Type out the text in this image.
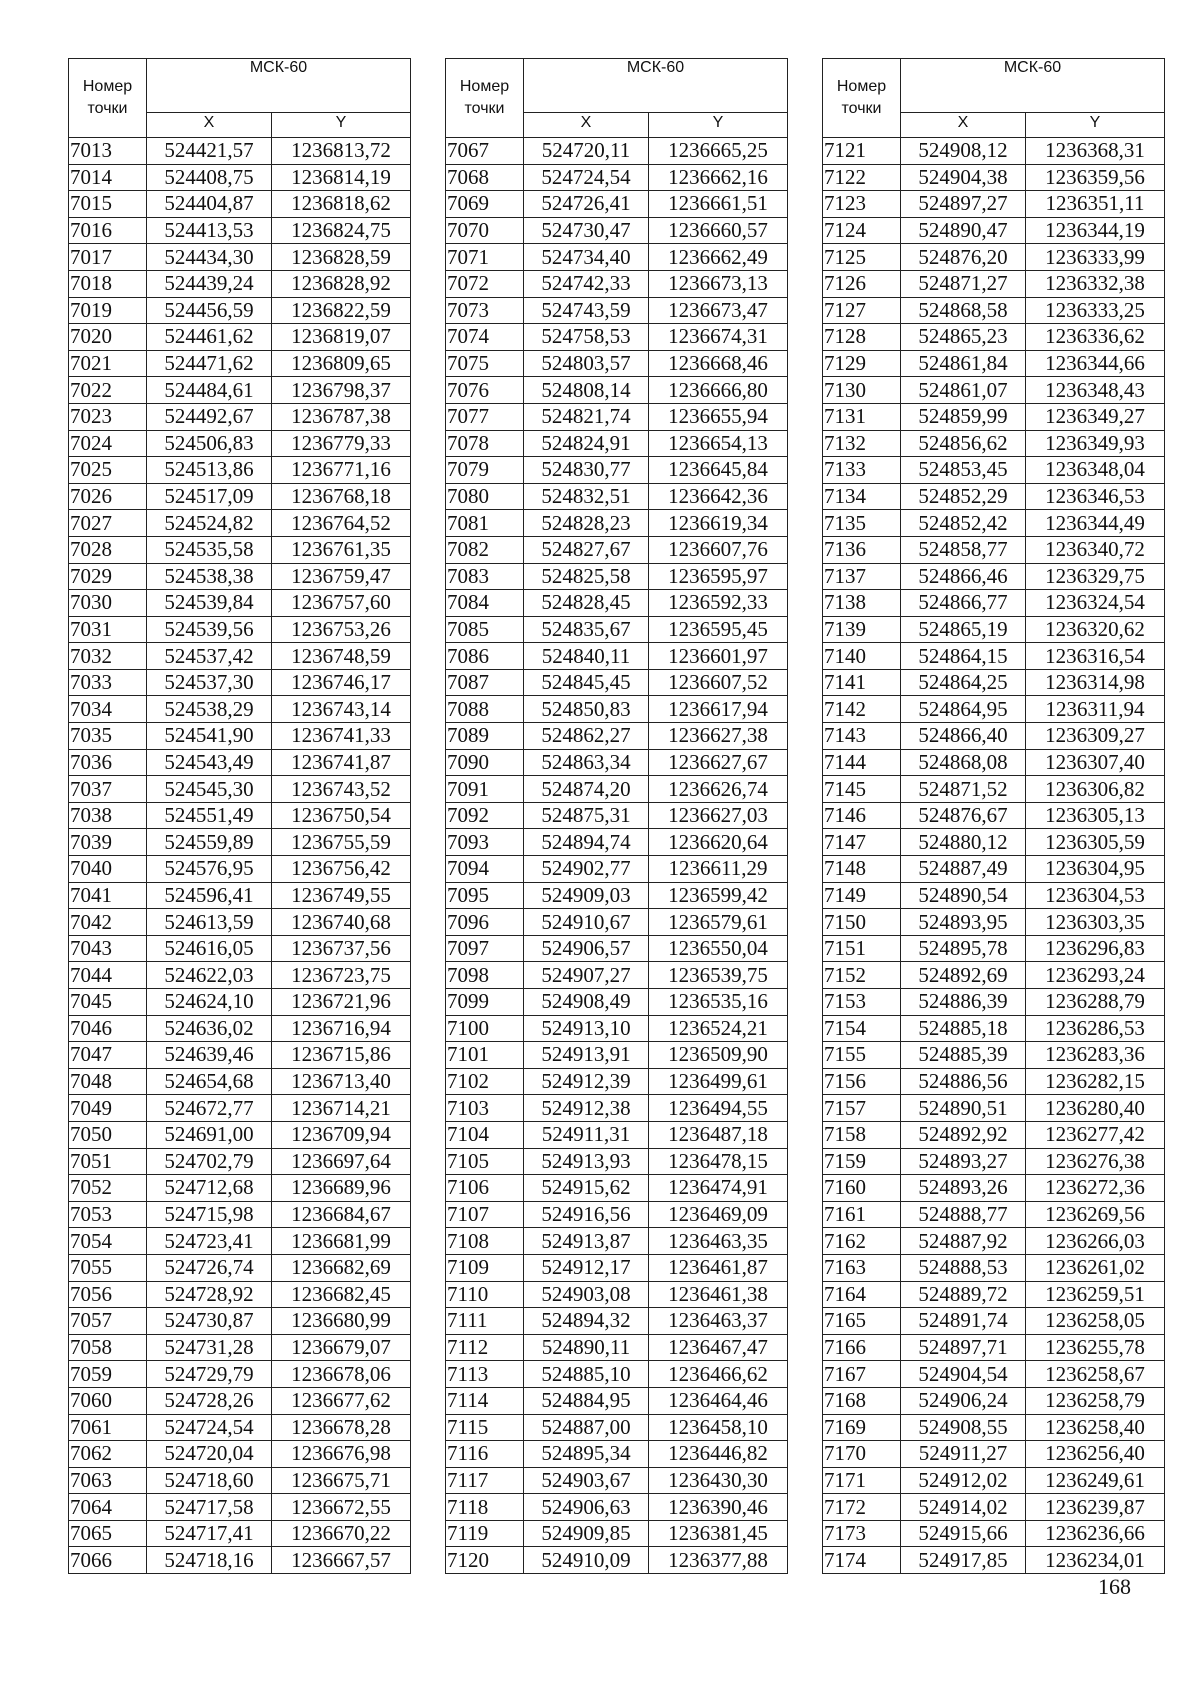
Номер точки	МСК-60	
	X	Y
7013	524421,57	1236813,72
7014	524408,75	1236814,19
7015	524404,87	1236818,62
7016	524413,53	1236824,75
7017	524434,30	1236828,59
7018	524439,24	1236828,92
7019	524456,59	1236822,59
7020	524461,62	1236819,07
7021	524471,62	1236809,65
7022	524484,61	1236798,37
7023	524492,67	1236787,38
7024	524506,83	1236779,33
7025	524513,86	1236771,16
7026	524517,09	1236768,18
7027	524524,82	1236764,52
7028	524535,58	1236761,35
7029	524538,38	1236759,47
7030	524539,84	1236757,60
7031	524539,56	1236753,26
7032	524537,42	1236748,59
7033	524537,30	1236746,17
7034	524538,29	1236743,14
7035	524541,90	1236741,33
7036	524543,49	1236741,87
7037	524545,30	1236743,52
7038	524551,49	1236750,54
7039	524559,89	1236755,59
7040	524576,95	1236756,42
7041	524596,41	1236749,55
7042	524613,59	1236740,68
7043	524616,05	1236737,56
7044	524622,03	1236723,75
7045	524624,10	1236721,96
7046	524636,02	1236716,94
7047	524639,46	1236715,86
7048	524654,68	1236713,40
7049	524672,77	1236714,21
7050	524691,00	1236709,94
7051	524702,79	1236697,64
7052	524712,68	1236689,96
7053	524715,98	1236684,67
7054	524723,41	1236681,99
7055	524726,74	1236682,69
7056	524728,92	1236682,45
7057	524730,87	1236680,99
7058	524731,28	1236679,07
7059	524729,79	1236678,06
7060	524728,26	1236677,62
7061	524724,54	1236678,28
7062	524720,04	1236676,98
7063	524718,60	1236675,71
7064	524717,58	1236672,55
7065	524717,41	1236670,22
7066	524718,16	1236667,57
Номер точки	МСК-60	
	X	Y
7067	524720,11	1236665,25
7068	524724,54	1236662,16
7069	524726,41	1236661,51
7070	524730,47	1236660,57
7071	524734,40	1236662,49
7072	524742,33	1236673,13
7073	524743,59	1236673,47
7074	524758,53	1236674,31
7075	524803,57	1236668,46
7076	524808,14	1236666,80
7077	524821,74	1236655,94
7078	524824,91	1236654,13
7079	524830,77	1236645,84
7080	524832,51	1236642,36
7081	524828,23	1236619,34
7082	524827,67	1236607,76
7083	524825,58	1236595,97
7084	524828,45	1236592,33
7085	524835,67	1236595,45
7086	524840,11	1236601,97
7087	524845,45	1236607,52
7088	524850,83	1236617,94
7089	524862,27	1236627,38
7090	524863,34	1236627,67
7091	524874,20	1236626,74
7092	524875,31	1236627,03
7093	524894,74	1236620,64
7094	524902,77	1236611,29
7095	524909,03	1236599,42
7096	524910,67	1236579,61
7097	524906,57	1236550,04
7098	524907,27	1236539,75
7099	524908,49	1236535,16
7100	524913,10	1236524,21
7101	524913,91	1236509,90
7102	524912,39	1236499,61
7103	524912,38	1236494,55
7104	524911,31	1236487,18
7105	524913,93	1236478,15
7106	524915,62	1236474,91
7107	524916,56	1236469,09
7108	524913,87	1236463,35
7109	524912,17	1236461,87
7110	524903,08	1236461,38
7111	524894,32	1236463,37
7112	524890,11	1236467,47
7113	524885,10	1236466,62
7114	524884,95	1236464,46
7115	524887,00	1236458,10
7116	524895,34	1236446,82
7117	524903,67	1236430,30
7118	524906,63	1236390,46
7119	524909,85	1236381,45
7120	524910,09	1236377,88
Номер точки	МСК-60	
	X	Y
7121	524908,12	1236368,31
7122	524904,38	1236359,56
7123	524897,27	1236351,11
7124	524890,47	1236344,19
7125	524876,20	1236333,99
7126	524871,27	1236332,38
7127	524868,58	1236333,25
7128	524865,23	1236336,62
7129	524861,84	1236344,66
7130	524861,07	1236348,43
7131	524859,99	1236349,27
7132	524856,62	1236349,93
7133	524853,45	1236348,04
7134	524852,29	1236346,53
7135	524852,42	1236344,49
7136	524858,77	1236340,72
7137	524866,46	1236329,75
7138	524866,77	1236324,54
7139	524865,19	1236320,62
7140	524864,15	1236316,54
7141	524864,25	1236314,98
7142	524864,95	1236311,94
7143	524866,40	1236309,27
7144	524868,08	1236307,40
7145	524871,52	1236306,82
7146	524876,67	1236305,13
7147	524880,12	1236305,59
7148	524887,49	1236304,95
7149	524890,54	1236304,53
7150	524893,95	1236303,35
7151	524895,78	1236296,83
7152	524892,69	1236293,24
7153	524886,39	1236288,79
7154	524885,18	1236286,53
7155	524885,39	1236283,36
7156	524886,56	1236282,15
7157	524890,51	1236280,40
7158	524892,92	1236277,42
7159	524893,27	1236276,38
7160	524893,26	1236272,36
7161	524888,77	1236269,56
7162	524887,92	1236266,03
7163	524888,53	1236261,02
7164	524889,72	1236259,51
7165	524891,74	1236258,05
7166	524897,71	1236255,78
7167	524904,54	1236258,67
7168	524906,24	1236258,79
7169	524908,55	1236258,40
7170	524911,27	1236256,40
7171	524912,02	1236249,61
7172	524914,02	1236239,87
7173	524915,66	1236236,66
7174	524917,85	1236234,01
168
